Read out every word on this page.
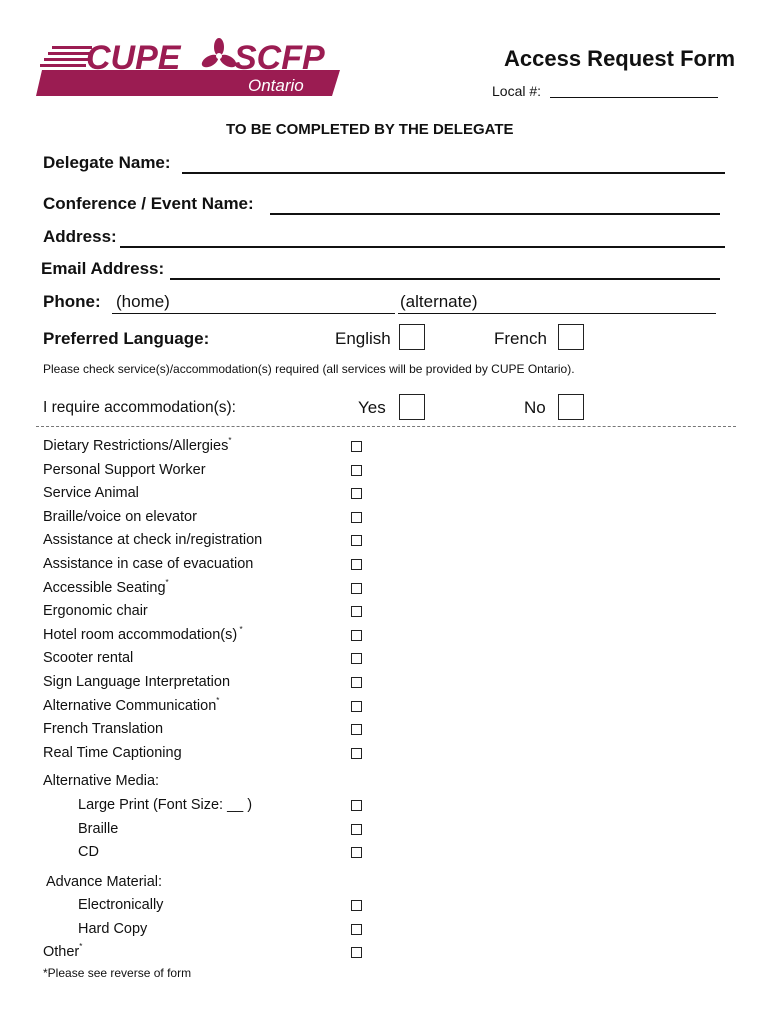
Ontario
CUPE SCFP	Access Request Form
Local #:
TO BE COMPLETED BY THE DELEGATE
Delegate Name:
Conference / Event Name:
Address:
Email Address:
Phone: (home)	(alternate)
Preferred Language:	English	French
Please check service(s)/accommodation(s) required (all services will be provided by CUPE Ontario).
I require accommodation(s):	Yes	No
Dietary Restrictions/Allergies*
Personal Support Worker
Service Animal
Braille/voice on elevator
Assistance at check in/registration
Assistance in case of evacuation
Accessible Seating*
Ergonomic chair
Hotel room accommodation(s) *
Scooter rental
Sign Language Interpretation
Alternative Communication*
French Translation
Real Time Captioning
Alternative Media:
Large Print (Font Size: __ )
Braille
CD
Advance Material:
Electronically
Hard Copy
Other*
*Please see reverse of form
